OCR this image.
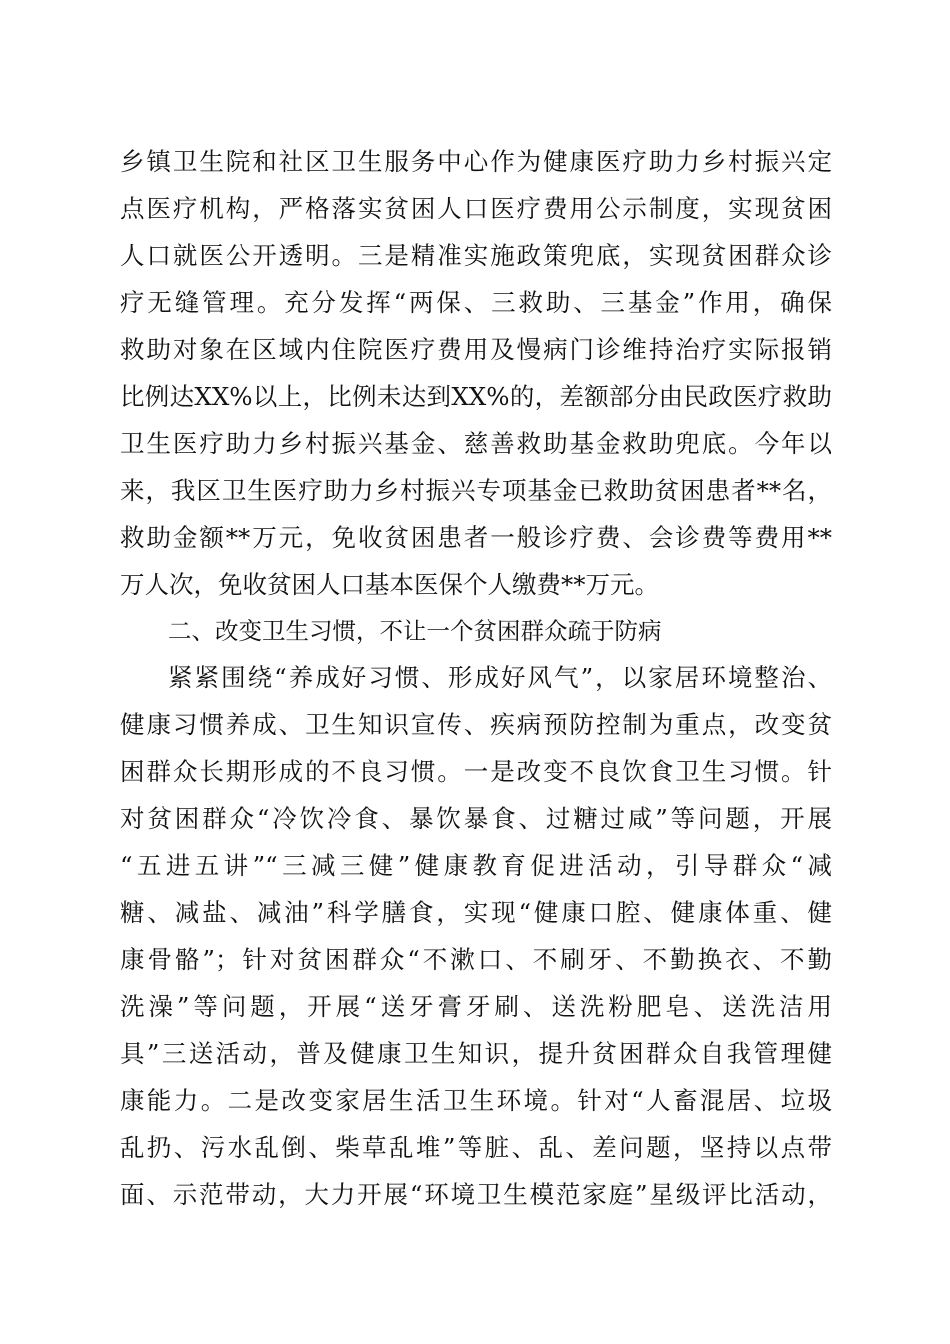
乡镇卫生院和社区卫生服务中心作为健康医疗助力乡村振兴定
点医疗机构，严格落实贫困人口医疗费用公示制度，实现贫困
人口就医公开透明。三是精准实施政策兜底，实现贫困群众诊
疗无缝管理。充分发挥“两保、三救助、三基金”作用，确保
救助对象在区域内住院医疗费用及慢病门诊维持治疗实际报销
比例达XX%以上，比例未达到XX%的，差额部分由民政医疗救助
卫生医疗助力乡村振兴基金、慈善救助基金救助兜底。今年以
来，我区卫生医疗助力乡村振兴专项基金已救助贫困患者**名，
救助金额**万元，免收贫困患者一般诊疗费、会诊费等费用**
万人次，免收贫困人口基本医保个人缴费**万元。
二、改变卫生习惯，不让一个贫困群众疏于防病
紧紧围绕“养成好习惯、形成好风气”，以家居环境整治、
健康习惯养成、卫生知识宣传、疾病预防控制为重点，改变贫
困群众长期形成的不良习惯。一是改变不良饮食卫生习惯。针
对贫困群众“冷饮冷食、暴饮暴食、过糖过咸”等问题，开展
“五进五讲”“三减三健”健康教育促进活动，引导群众“减
糖、减盐、减油”科学膳食，实现“健康口腔、健康体重、健
康骨骼”；针对贫困群众“不漱口、不刷牙、不勤换衣、不勤
洗澡”等问题，开展“送牙膏牙刷、送洗粉肥皂、送洗洁用
具”三送活动，普及健康卫生知识，提升贫困群众自我管理健
康能力。二是改变家居生活卫生环境。针对“人畜混居、垃圾
乱扔、污水乱倒、柴草乱堆”等脏、乱、差问题，坚持以点带
面、示范带动，大力开展“环境卫生模范家庭”星级评比活动，
